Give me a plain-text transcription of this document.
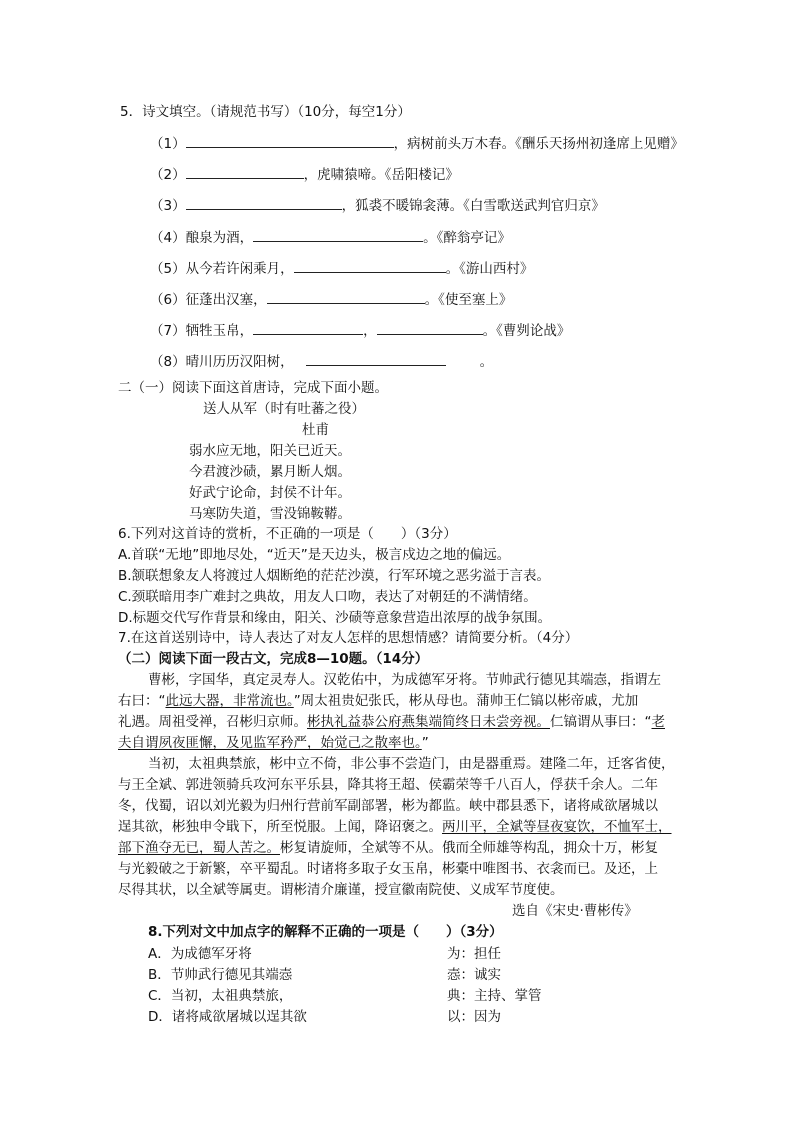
5．诗文填空。（请规范书写）（10分，每空1分）
（1）	，病树前头万木春。《酬乐天扬州初逢席上见赠》
（2）	，虎啸猿啼。《岳阳楼记》
（3）	，狐裘不暖锦衾薄。《白雪歌送武判官归京》
（4）酿泉为酒，	。《醉翁亭记》
（5）从今若许闲乘月，	。《游山西村》
（6）征蓬出汉塞，	。《使至塞上》
（7）牺牲玉帛，	，	。《曹刿论战》
（8）晴川历历汉阳树，	。
二（一）阅读下面这首唐诗，完成下面小题。
送人从军（时有吐蕃之役）
杜甫
弱水应无地，阳关已近天。
今君渡沙碛，累月断人烟。
好武宁论命，封侯不计年。
马寒防失道，雪没锦鞍鞯。
6.下列对这首诗的赏析，不正确的一项是（　　）（3分）
A.首联“无地”即地尽处，“近天”是天边头，极言戍边之地的偏远。
B.颔联想象友人将渡过人烟断绝的茫茫沙漠，行军环境之恶劣溢于言表。
C.颈联暗用李广难封之典故，用友人口吻，表达了对朝廷的不满情绪。
D.标题交代写作背景和缘由，阳关、沙碛等意象营造出浓厚的战争氛围。
7.在这首送别诗中，诗人表达了对友人怎样的思想情感？请简要分析。（4分）
（二）阅读下面一段古文，完成8—10题。（14分）
曹彬，字国华，真定灵寿人。汉乾佑中，为成德军牙将。节帅武行德见其端悫，指谓左
右曰：“此远大器，非常流也。”周太祖贵妃张氏，彬从母也。蒲帅王仁镐以彬帝戚，尤加
礼遇。周祖受禅，召彬归京师。彬执礼益恭公府燕集端简终日未尝旁视。仁镐谓从事曰：“老
夫自谓夙夜匪懈，及见监军矜严，始觉己之散率也。”
当初，太祖典禁旅，彬中立不倚，非公事不尝造门，由是器重焉。建隆二年，迁客省使，
与王全斌、郭进领骑兵攻河东平乐县，降其将王超、侯霸荣等千八百人，俘获千余人。二年
冬，伐蜀，诏以刘光毅为归州行营前军副部署，彬为都监。峡中郡县悉下，诸将咸欲屠城以
逞其欲，彬独申令戢下，所至悦服。上闻，降诏褒之。两川平，全斌等昼夜宴饮，不恤军士，
部下渔夺无已，蜀人苦之。彬复请旋师，全斌等不从。俄而全师雄等构乱，拥众十万，彬复
与光毅破之于新繁，卒平蜀乱。时诸将多取子女玉帛，彬橐中唯图书、衣衾而已。及还，上
尽得其状，以全斌等属吏。谓彬清介廉谨，授宣徽南院使、义成军节度使。
选自《宋史·曹彬传》
8.下列对文中加点字的解释不正确的一项是（　　）（3分）
A．为成德军牙将	为：担任
B．节帅武行德见其端悫	悫：诚实
C．当初，太祖典禁旅，	典：主持、掌管
D．诸将咸欲屠城以逞其欲	以：因为
